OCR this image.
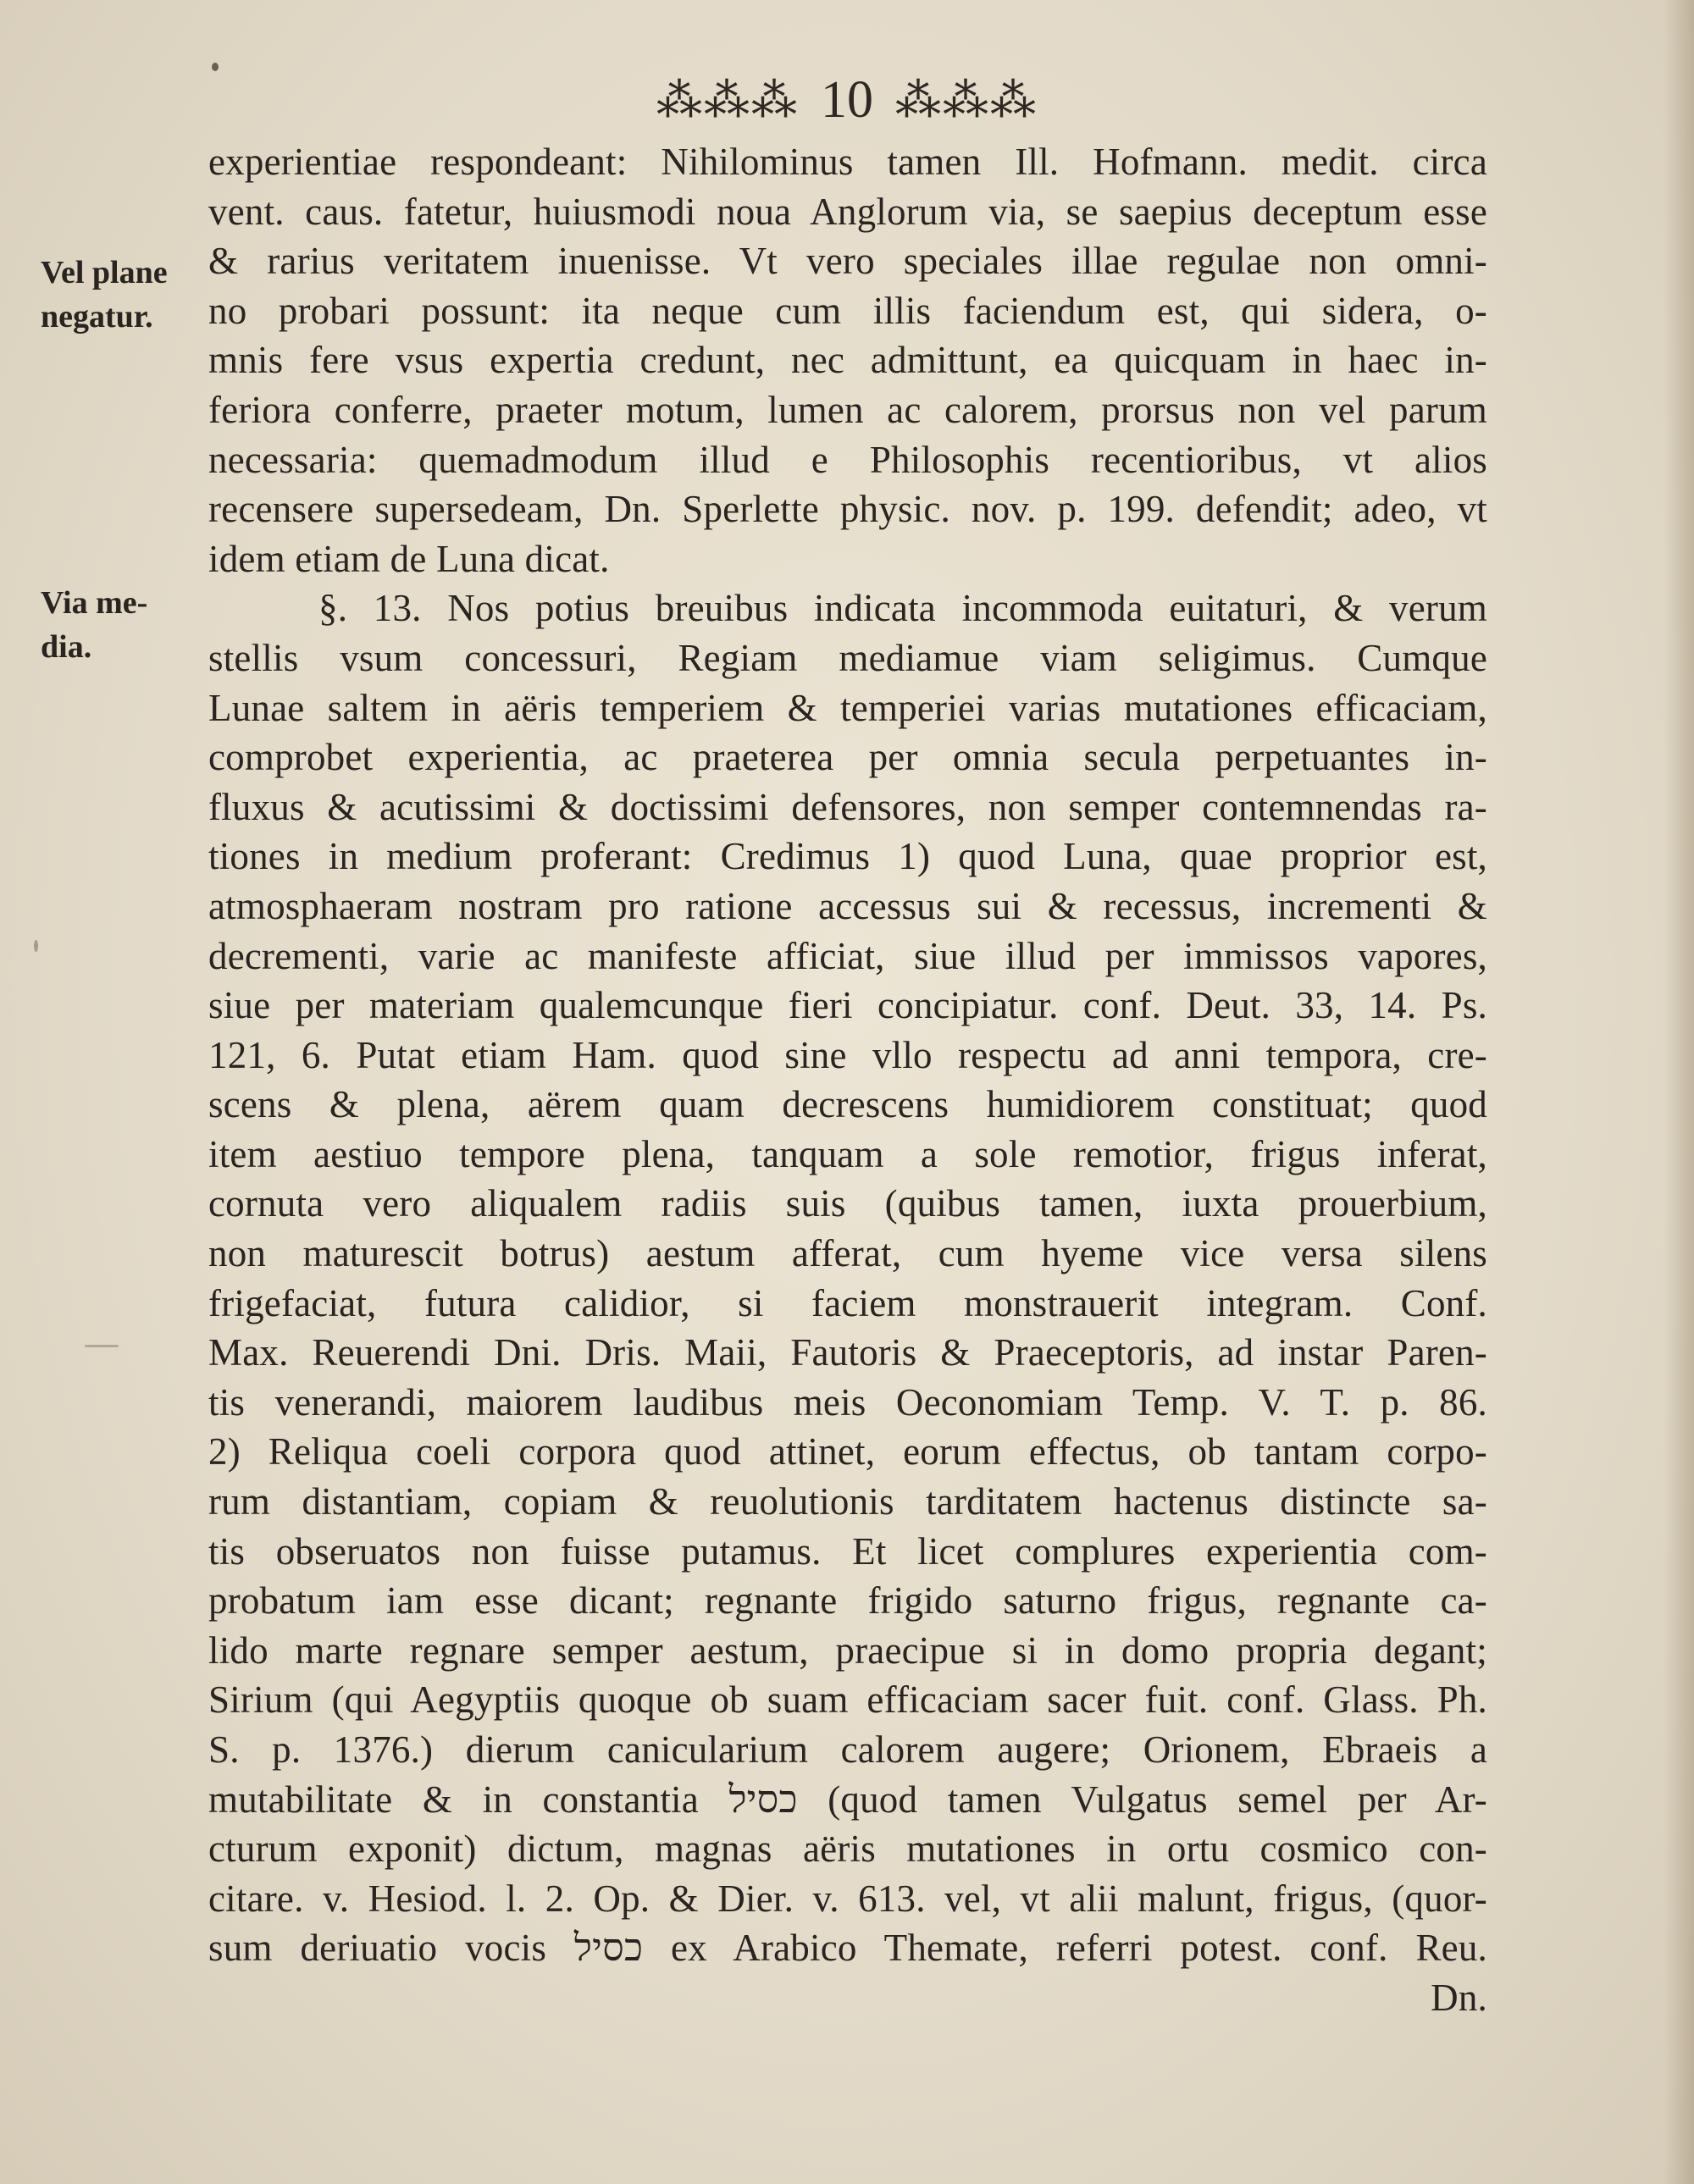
⁂⁂⁂ 10 ⁂⁂⁂
Vel plane
negatur.
Via me-
dia.
experientiae respondeant: Nihilominus tamen Ill. Hofmann. medit. circa
vent. caus. fatetur, huiusmodi noua Anglorum via, se saepius deceptum esse
& rarius veritatem inuenisse. Vt vero speciales illae regulae non omni-
no probari possunt: ita neque cum illis faciendum est, qui sidera, o-
mnis fere vsus expertia credunt, nec admittunt, ea quicquam in haec in-
feriora conferre, praeter motum, lumen ac calorem, prorsus non vel parum
necessaria: quemadmodum illud e Philosophis recentioribus, vt alios
recensere supersedeam, Dn. Sperlette physic. nov. p. 199. defendit; adeo, vt
idem etiam de Luna dicat.
§. 13. Nos potius breuibus indicata incommoda euitaturi, & verum
stellis vsum concessuri, Regiam mediamue viam seligimus. Cumque
Lunae saltem in aëris temperiem & temperiei varias mutationes efficaciam,
comprobet experientia, ac praeterea per omnia secula perpetuantes in-
fluxus & acutissimi & doctissimi defensores, non semper contemnendas ra-
tiones in medium proferant: Credimus 1) quod Luna, quae proprior est,
atmosphaeram nostram pro ratione accessus sui & recessus, incrementi &
decrementi, varie ac manifeste afficiat, siue illud per immissos vapores,
siue per materiam qualemcunque fieri concipiatur. conf. Deut. 33, 14. Ps.
121, 6. Putat etiam Ham. quod sine vllo respectu ad anni tempora, cre-
scens & plena, aërem quam decrescens humidiorem constituat; quod
item aestiuo tempore plena, tanquam a sole remotior, frigus inferat,
cornuta vero aliqualem radiis suis (quibus tamen, iuxta prouerbium,
non maturescit botrus) aestum afferat, cum hyeme vice versa silens
frigefaciat, futura calidior, si faciem monstrauerit integram. Conf.
Max. Reuerendi Dni. Dris. Maii, Fautoris & Praeceptoris, ad instar Paren-
tis venerandi, maiorem laudibus meis Oeconomiam Temp. V. T. p. 86.
2) Reliqua coeli corpora quod attinet, eorum effectus, ob tantam corpo-
rum distantiam, copiam & reuolutionis tarditatem hactenus distincte sa-
tis obseruatos non fuisse putamus. Et licet complures experientia com-
probatum iam esse dicant; regnante frigido saturno frigus, regnante ca-
lido marte regnare semper aestum, praecipue si in domo propria degant;
Sirium (qui Aegyptiis quoque ob suam efficaciam sacer fuit. conf. Glass. Ph.
S. p. 1376.) dierum canicularium calorem augere; Orionem, Ebraeis a
mutabilitate & in constantia כסיל (quod tamen Vulgatus semel per Ar-
cturum exponit) dictum, magnas aëris mutationes in ortu cosmico con-
citare. v. Hesiod. l. 2. Op. & Dier. v. 613. vel, vt alii malunt, frigus, (quor-
sum deriuatio vocis כסיל ex Arabico Themate, referri potest. conf. Reu.
Dn.
